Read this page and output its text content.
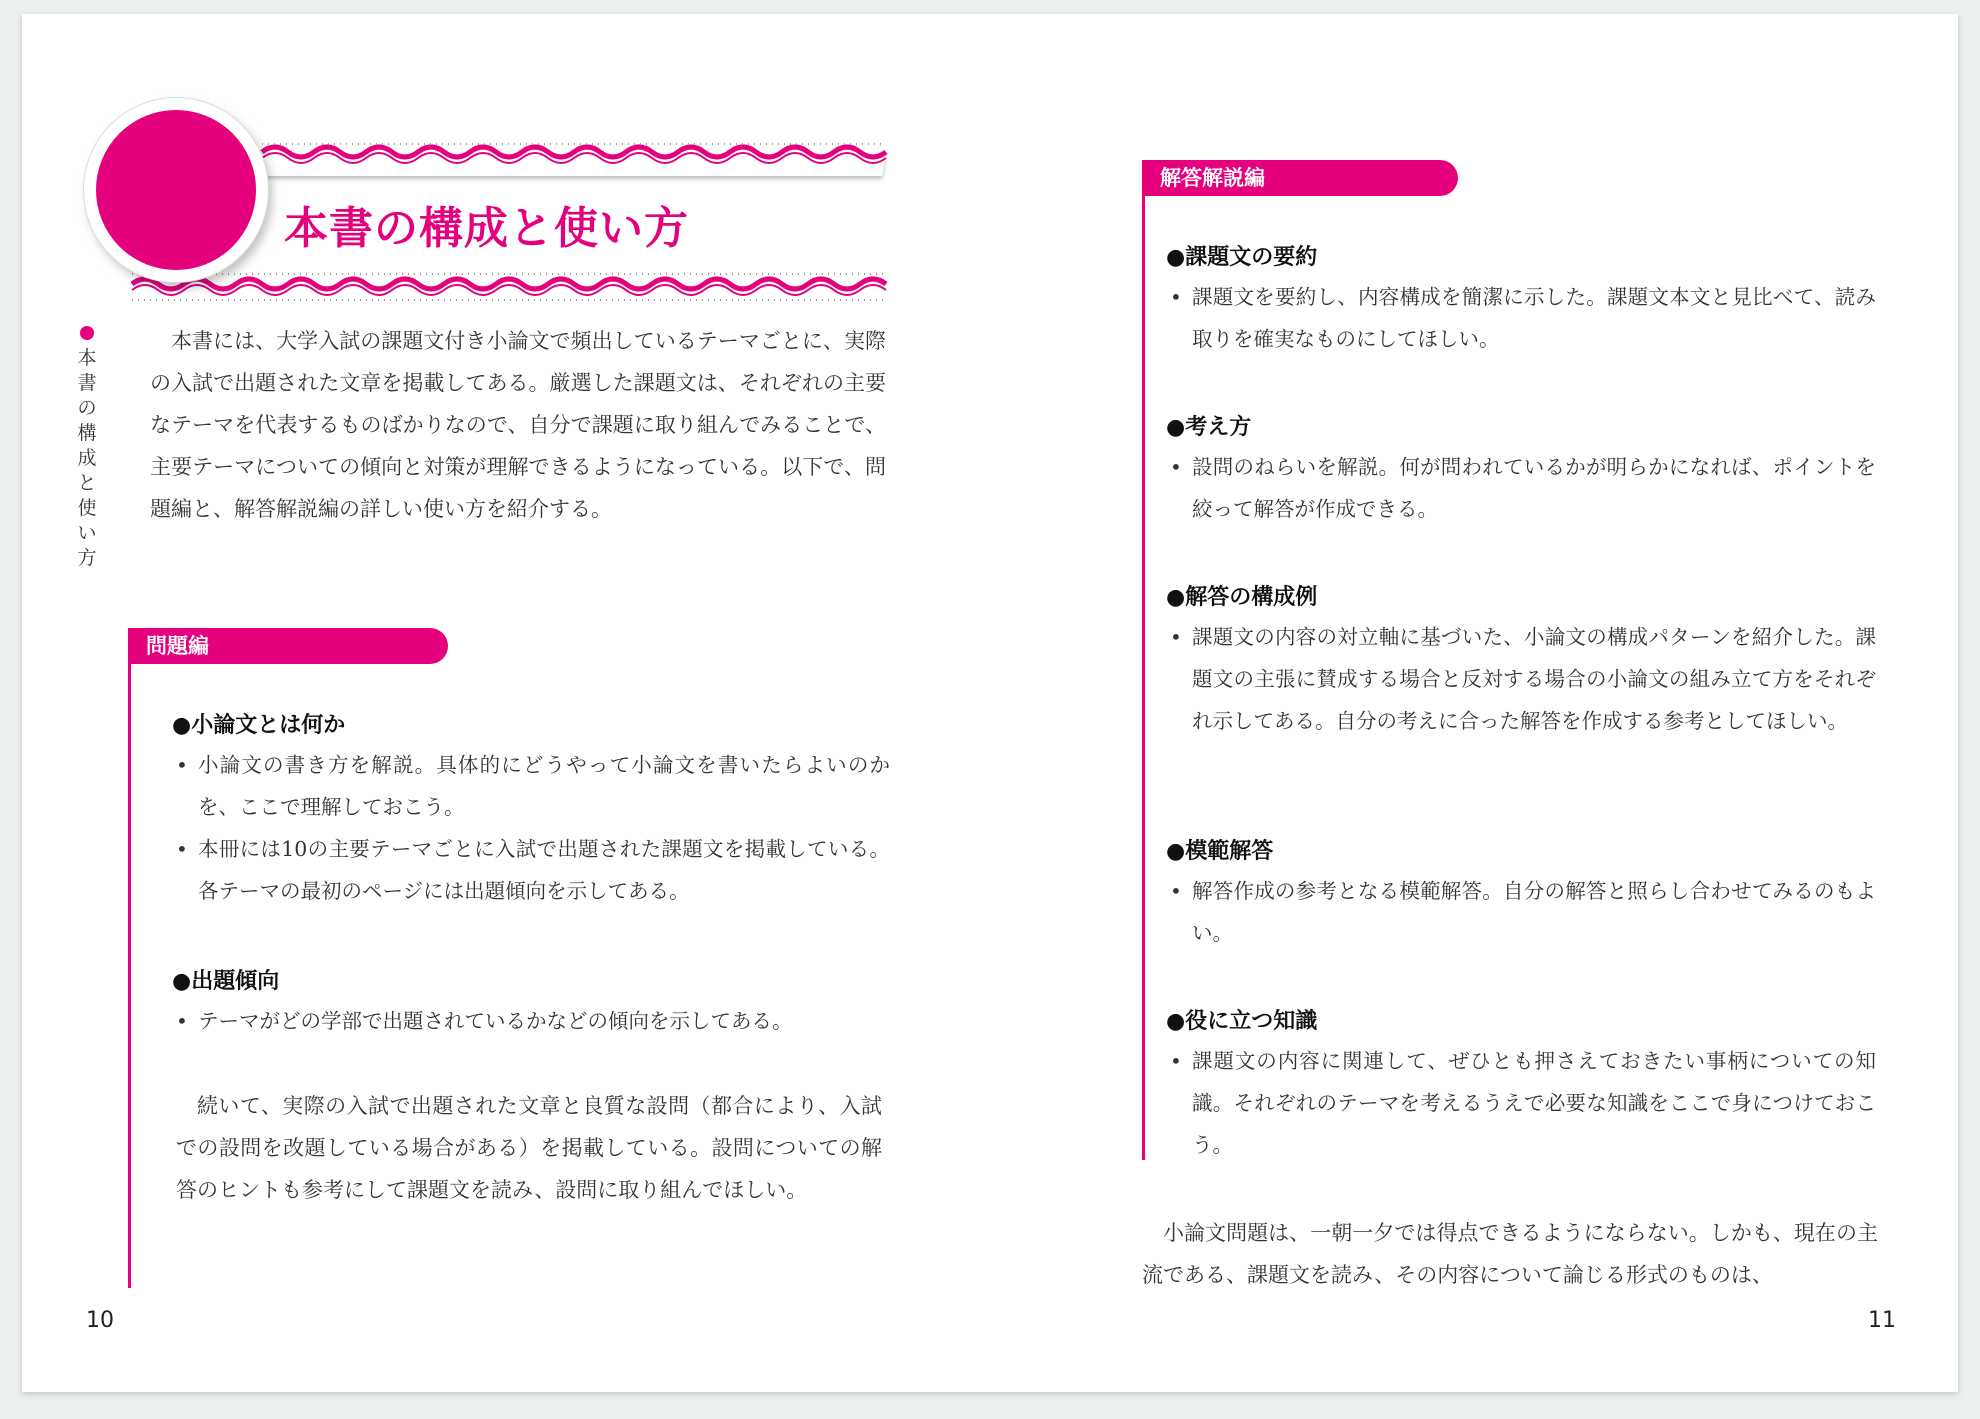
本書の構成と使い方
本
書
の
構
成
と
使
い
方
本書には、大学入試の課題文付き小論文で頻出しているテーマごとに、実際の入試で出題された文章を掲載してある。厳選した課題文は、それぞれの主要なテーマを代表するものばかりなので、自分で課題に取り組んでみることで、主要テーマについての傾向と対策が理解できるようになっている。以下で、問題編と、解答解説編の詳しい使い方を紹介する。
問題編
●小論文とは何か
• 小論文の書き方を解説。具体的にどうやって小論文を書いたらよいのかを、ここで理解しておこう。
• 本冊には10の主要テーマごとに入試で出題された課題文を掲載している。各テーマの最初のページには出題傾向を示してある。
●出題傾向
• テーマがどの学部で出題されているかなどの傾向を示してある。
続いて、実際の入試で出題された文章と良質な設問（都合により、入試での設問を改題している場合がある）を掲載している。設問についての解答のヒントも参考にして課題文を読み、設問に取り組んでほしい。
解答解説編
●課題文の要約
• 課題文を要約し、内容構成を簡潔に示した。課題文本文と見比べて、読み取りを確実なものにしてほしい。
●考え方
• 設問のねらいを解説。何が問われているかが明らかになれば、ポイントを絞って解答が作成できる。
●解答の構成例
• 課題文の内容の対立軸に基づいた、小論文の構成パターンを紹介した。課題文の主張に賛成する場合と反対する場合の小論文の組み立て方をそれぞれ示してある。自分の考えに合った解答を作成する参考としてほしい。
●模範解答
• 解答作成の参考となる模範解答。自分の解答と照らし合わせてみるのもよい。
●役に立つ知識
• 課題文の内容に関連して、ぜひとも押さえておきたい事柄についての知識。それぞれのテーマを考えるうえで必要な知識をここで身につけておこう。
小論文問題は、一朝一夕では得点できるようにならない。しかも、現在の主流である、課題文を読み、その内容について論じる形式のものは、
10	11
